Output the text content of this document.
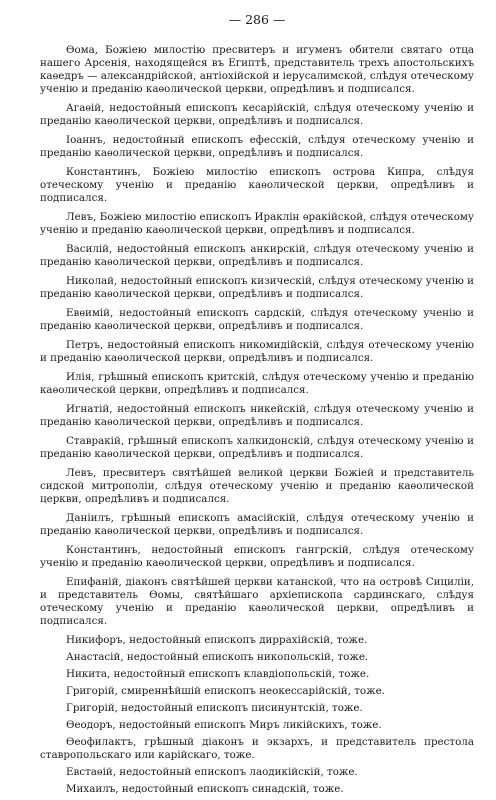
— 286 —

Ѳома, Божіею милостію пресвитеръ и игуменъ обители святаго отца нашего Арсенія, находящейся въ Египтѣ, представитель трехъ апостольскихъ каѳедръ — александрійской, антіохійской и іерусалимской, слѣдуя отеческому ученію и преданію каѳолической церкви, опредѣливъ и подписался.

Агаѳій, недостойный епископъ кесарійскій, слѣдуя отеческому ученію и преданію каѳолической церкви, опредѣливъ и подписался.

Іоаннъ, недостойный епископъ ефесскій, слѣдуя отеческому ученію и преданію каѳолической церкви, опредѣливъ и подписался.

Константинъ, Божіею милостію епископъ острова Кипра, слѣдуя отеческому ученію и преданію каѳолической церкви, опредѣливъ и подписался.

Левъ, Божіею милостію епископъ Ираклін ѳракійской, слѣдуя отеческому ученію и преданію каѳолической церкви, опредѣливъ и подписался.

Василій, недостойный епископъ анкирскій, слѣдуя отеческому ученію и преданію каѳолической церкви, опредѣливъ и подписался.

Николай, недостойный епископъ кизическій, слѣдуя отеческому ученію и преданію каѳолической церкви, опредѣливъ и подписался.

Евѳимій, недостойный епископъ сардскій, слѣдуя отеческому ученію и преданію каѳолической церкви, опредѣливъ и подписался.

Петръ, недостойный епископъ никомидійскій, слѣдуя отеческому ученію и преданію каѳолической церкви, опредѣливъ и подписался.

Илія, грѣшный епископъ критскій, слѣдуя отеческому ученію и преданію каѳолической церкви, опредѣливъ и подписался.

Игнатій, недостойный епископъ никейскій, слѣдуя отеческому ученію и преданію каѳолической церкви, опредѣливъ и подписался.

Ставракій, грѣшный епископъ халкидонскій, слѣдуя отеческому ученію и преданію каѳолической церкви, опредѣливъ и подписался.

Левъ, пресвитеръ святѣйшей великой церкви Божіей и представитель сидской митрополіи, слѣдуя отеческому ученію и преданію каѳолической церкви, опредѣливъ и подписался.

Даніилъ, грѣшный епископъ амасійскій, слѣдуя отеческому ученію и преданію каѳолической церкви, опредѣливъ и подписался.

Константинъ, недостойный епископъ гангрскій, слѣдуя отеческому ученію и преданію каѳолической церкви, опредѣливъ и подписался.

Епифаній, діаконъ святѣйшей церкви катанской, что на островѣ Сициліи, и представитель Ѳомы, святѣйшаго архіепископа сардинскаго, слѣдуя отеческому ученію и преданію каѳолической церкви, опредѣливъ и подписался.

Никифоръ, недостойный епископъ диррахійскій, тоже.

Анастасій, недостойный епископъ никопольскій, тоже.

Никита, недостойный епископъ клавдіопольскій, тоже.

Григорій, смиреннѣйшій епископъ неокессарійскій, тоже.

Григорій, недостойный епископъ писинунтскій, тоже.

Ѳеодоръ, недостойный епископъ Миръ ликійскихъ, тоже.

Ѳеофилактъ, грѣшный діаконъ и экзархъ, и представитель престола ставропольскаго или карійскаго, тоже.

Евстаѳій, недостойный епископъ лаодикійскій, тоже.

Михаилъ, недостойный епископъ синадскій, тоже.
